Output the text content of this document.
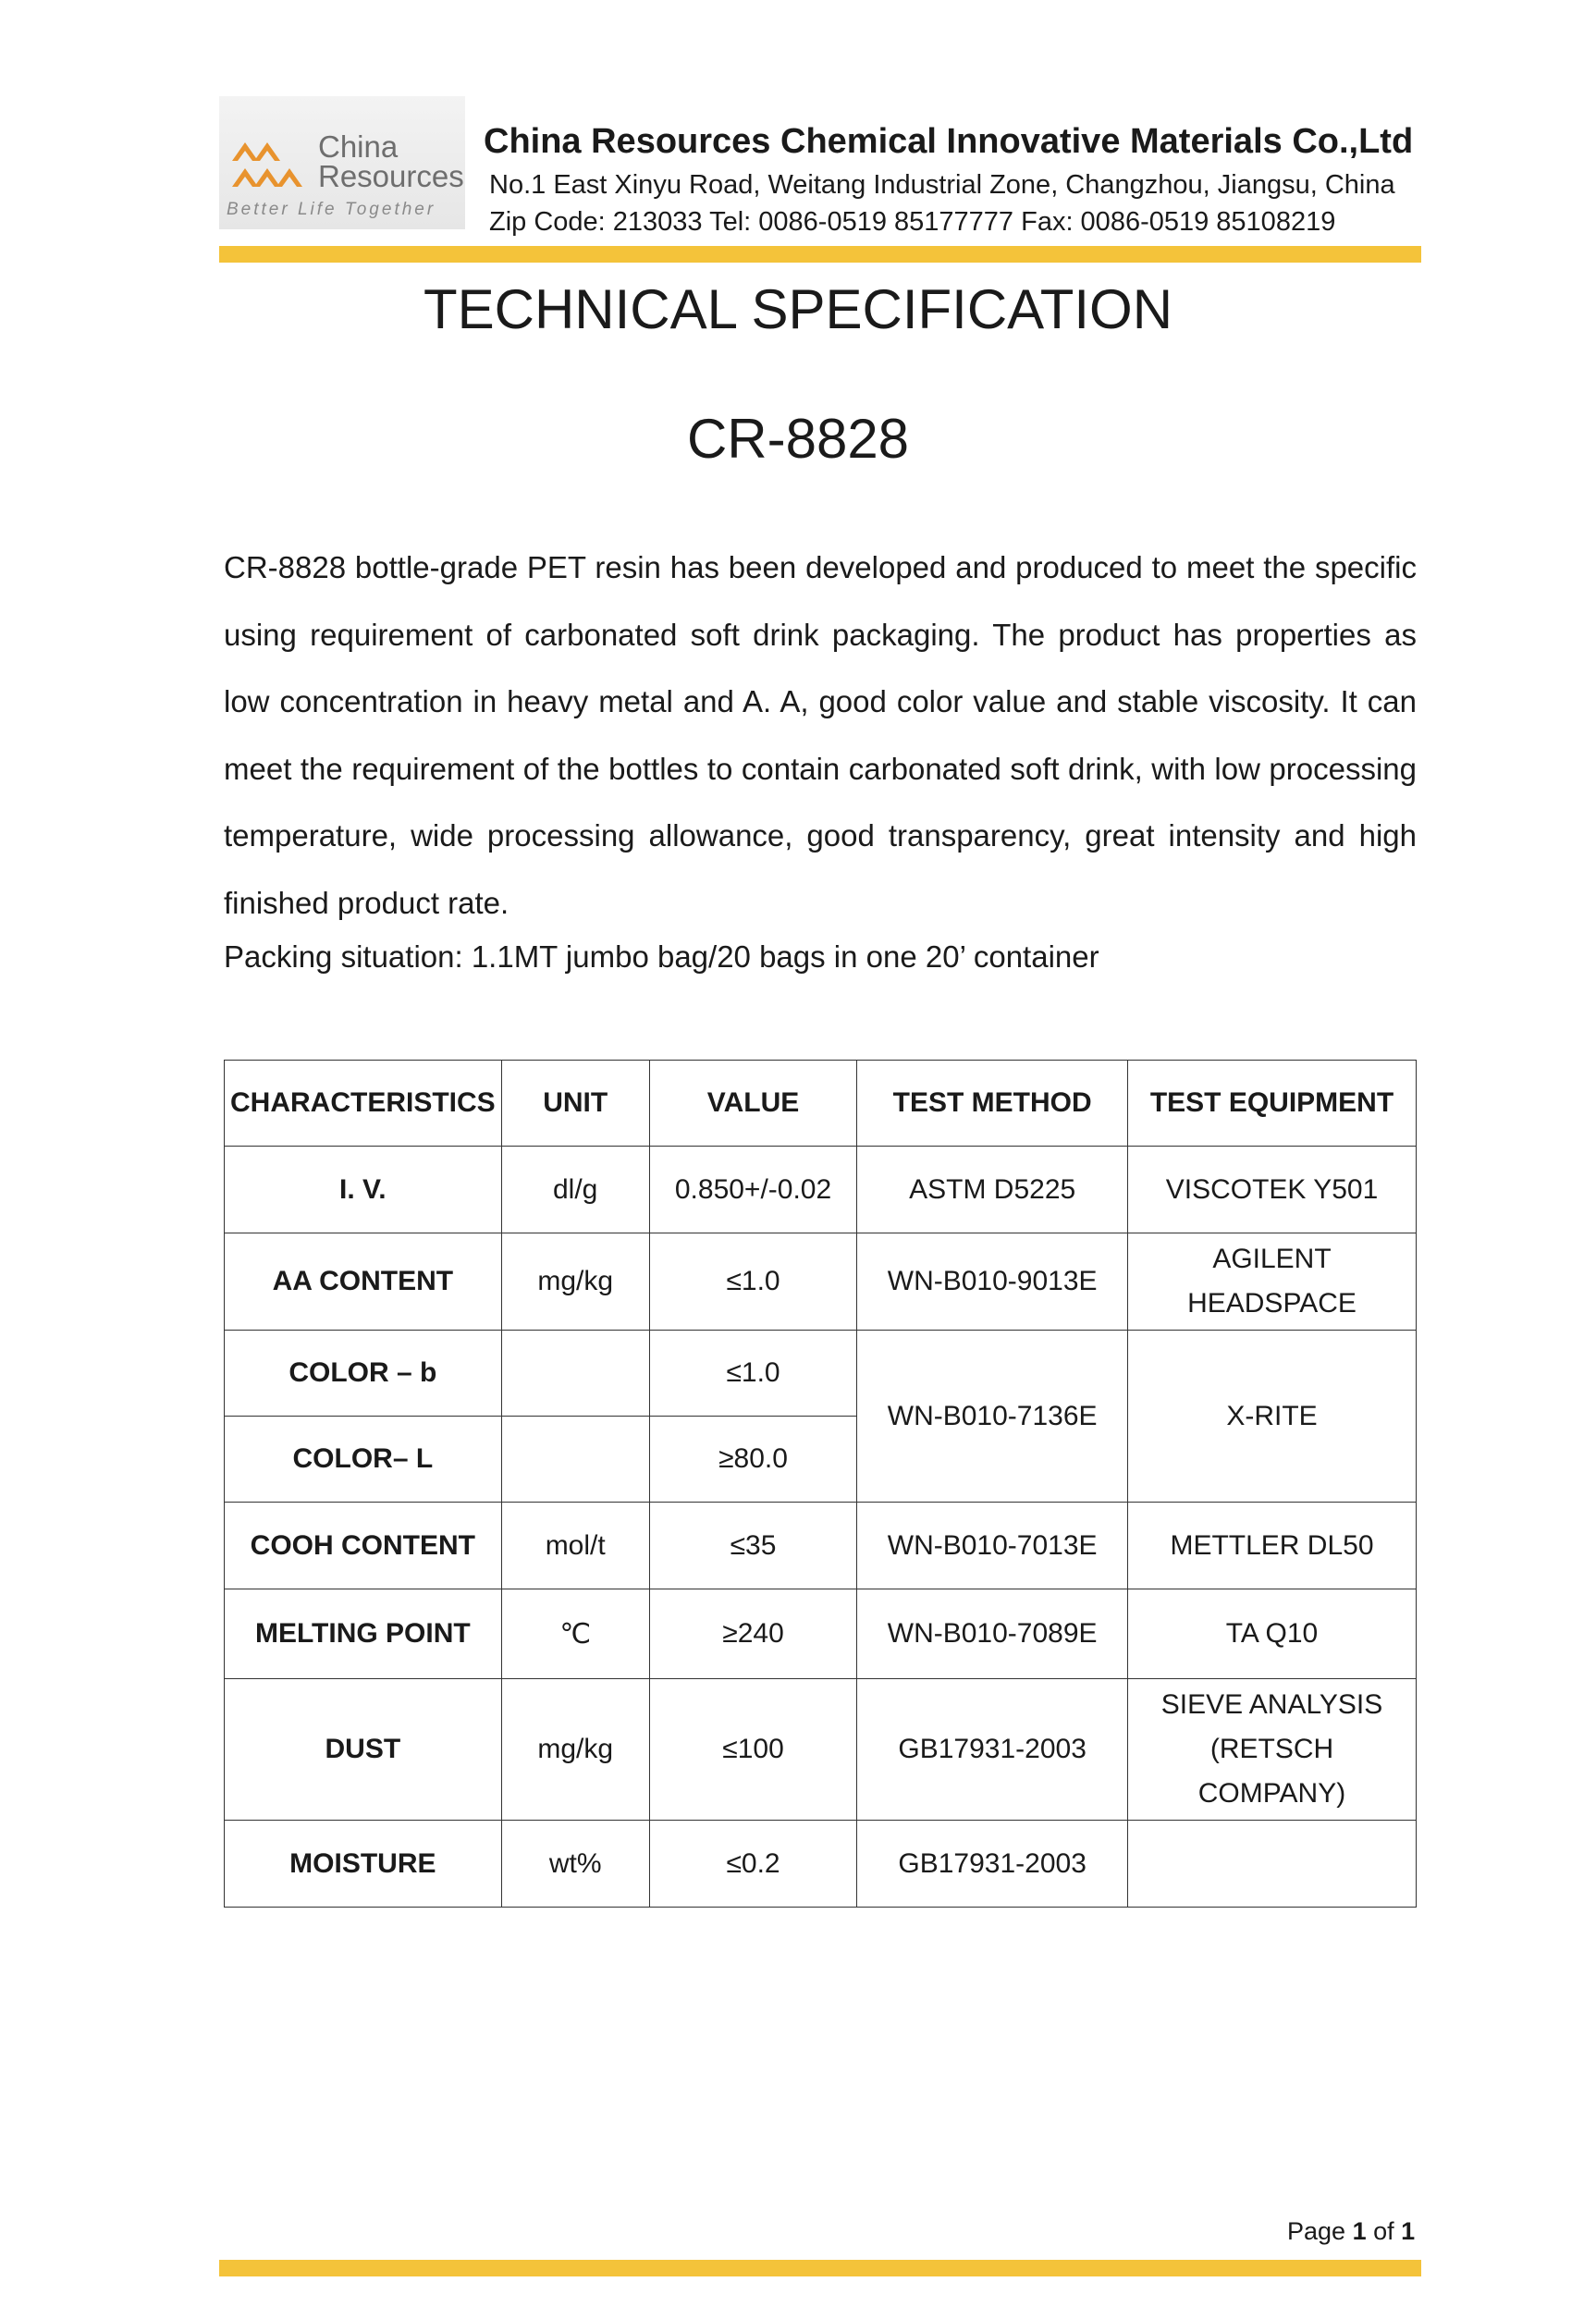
China
Resources
Better Life Together
China Resources Chemical Innovative Materials Co.,Ltd
No.1 East Xinyu Road, Weitang Industrial Zone, Changzhou, Jiangsu, China
Zip Code: 213033 Tel: 0086-0519 85177777 Fax: 0086-0519 85108219
TECHNICAL SPECIFICATION
CR-8828
CR-8828 bottle-grade PET resin has been developed and produced to meet the specific using requirement of carbonated soft drink packaging. The product has properties as low concentration in heavy metal and A. A, good color value and stable viscosity. It can meet the requirement of the bottles to contain carbonated soft drink, with low processing temperature, wide processing allowance, good transparency, great intensity and high finished product rate.
Packing situation: 1.1MT jumbo bag/20 bags in one 20’ container
CHARACTERISTICS	UNIT	VALUE	TEST METHOD	TEST EQUIPMENT
I. V.	dl/g	0.850+/-0.02	ASTM D5225	VISCOTEK Y501
AA CONTENT	mg/kg	≤1.0	WN-B010-9013E	AGILENT
HEADSPACE
COLOR – b		≤1.0	WN-B010-7136E	X-RITE
COLOR– L		≥80.0		
COOH CONTENT	mol/t	≤35	WN-B010-7013E	METTLER DL50
MELTING POINT	℃	≥240	WN-B010-7089E	TA Q10
DUST	mg/kg	≤100	GB17931-2003	SIEVE ANALYSIS
(RETSCH COMPANY)
MOISTURE	wt%	≤0.2	GB17931-2003	
Page 1 of 1
